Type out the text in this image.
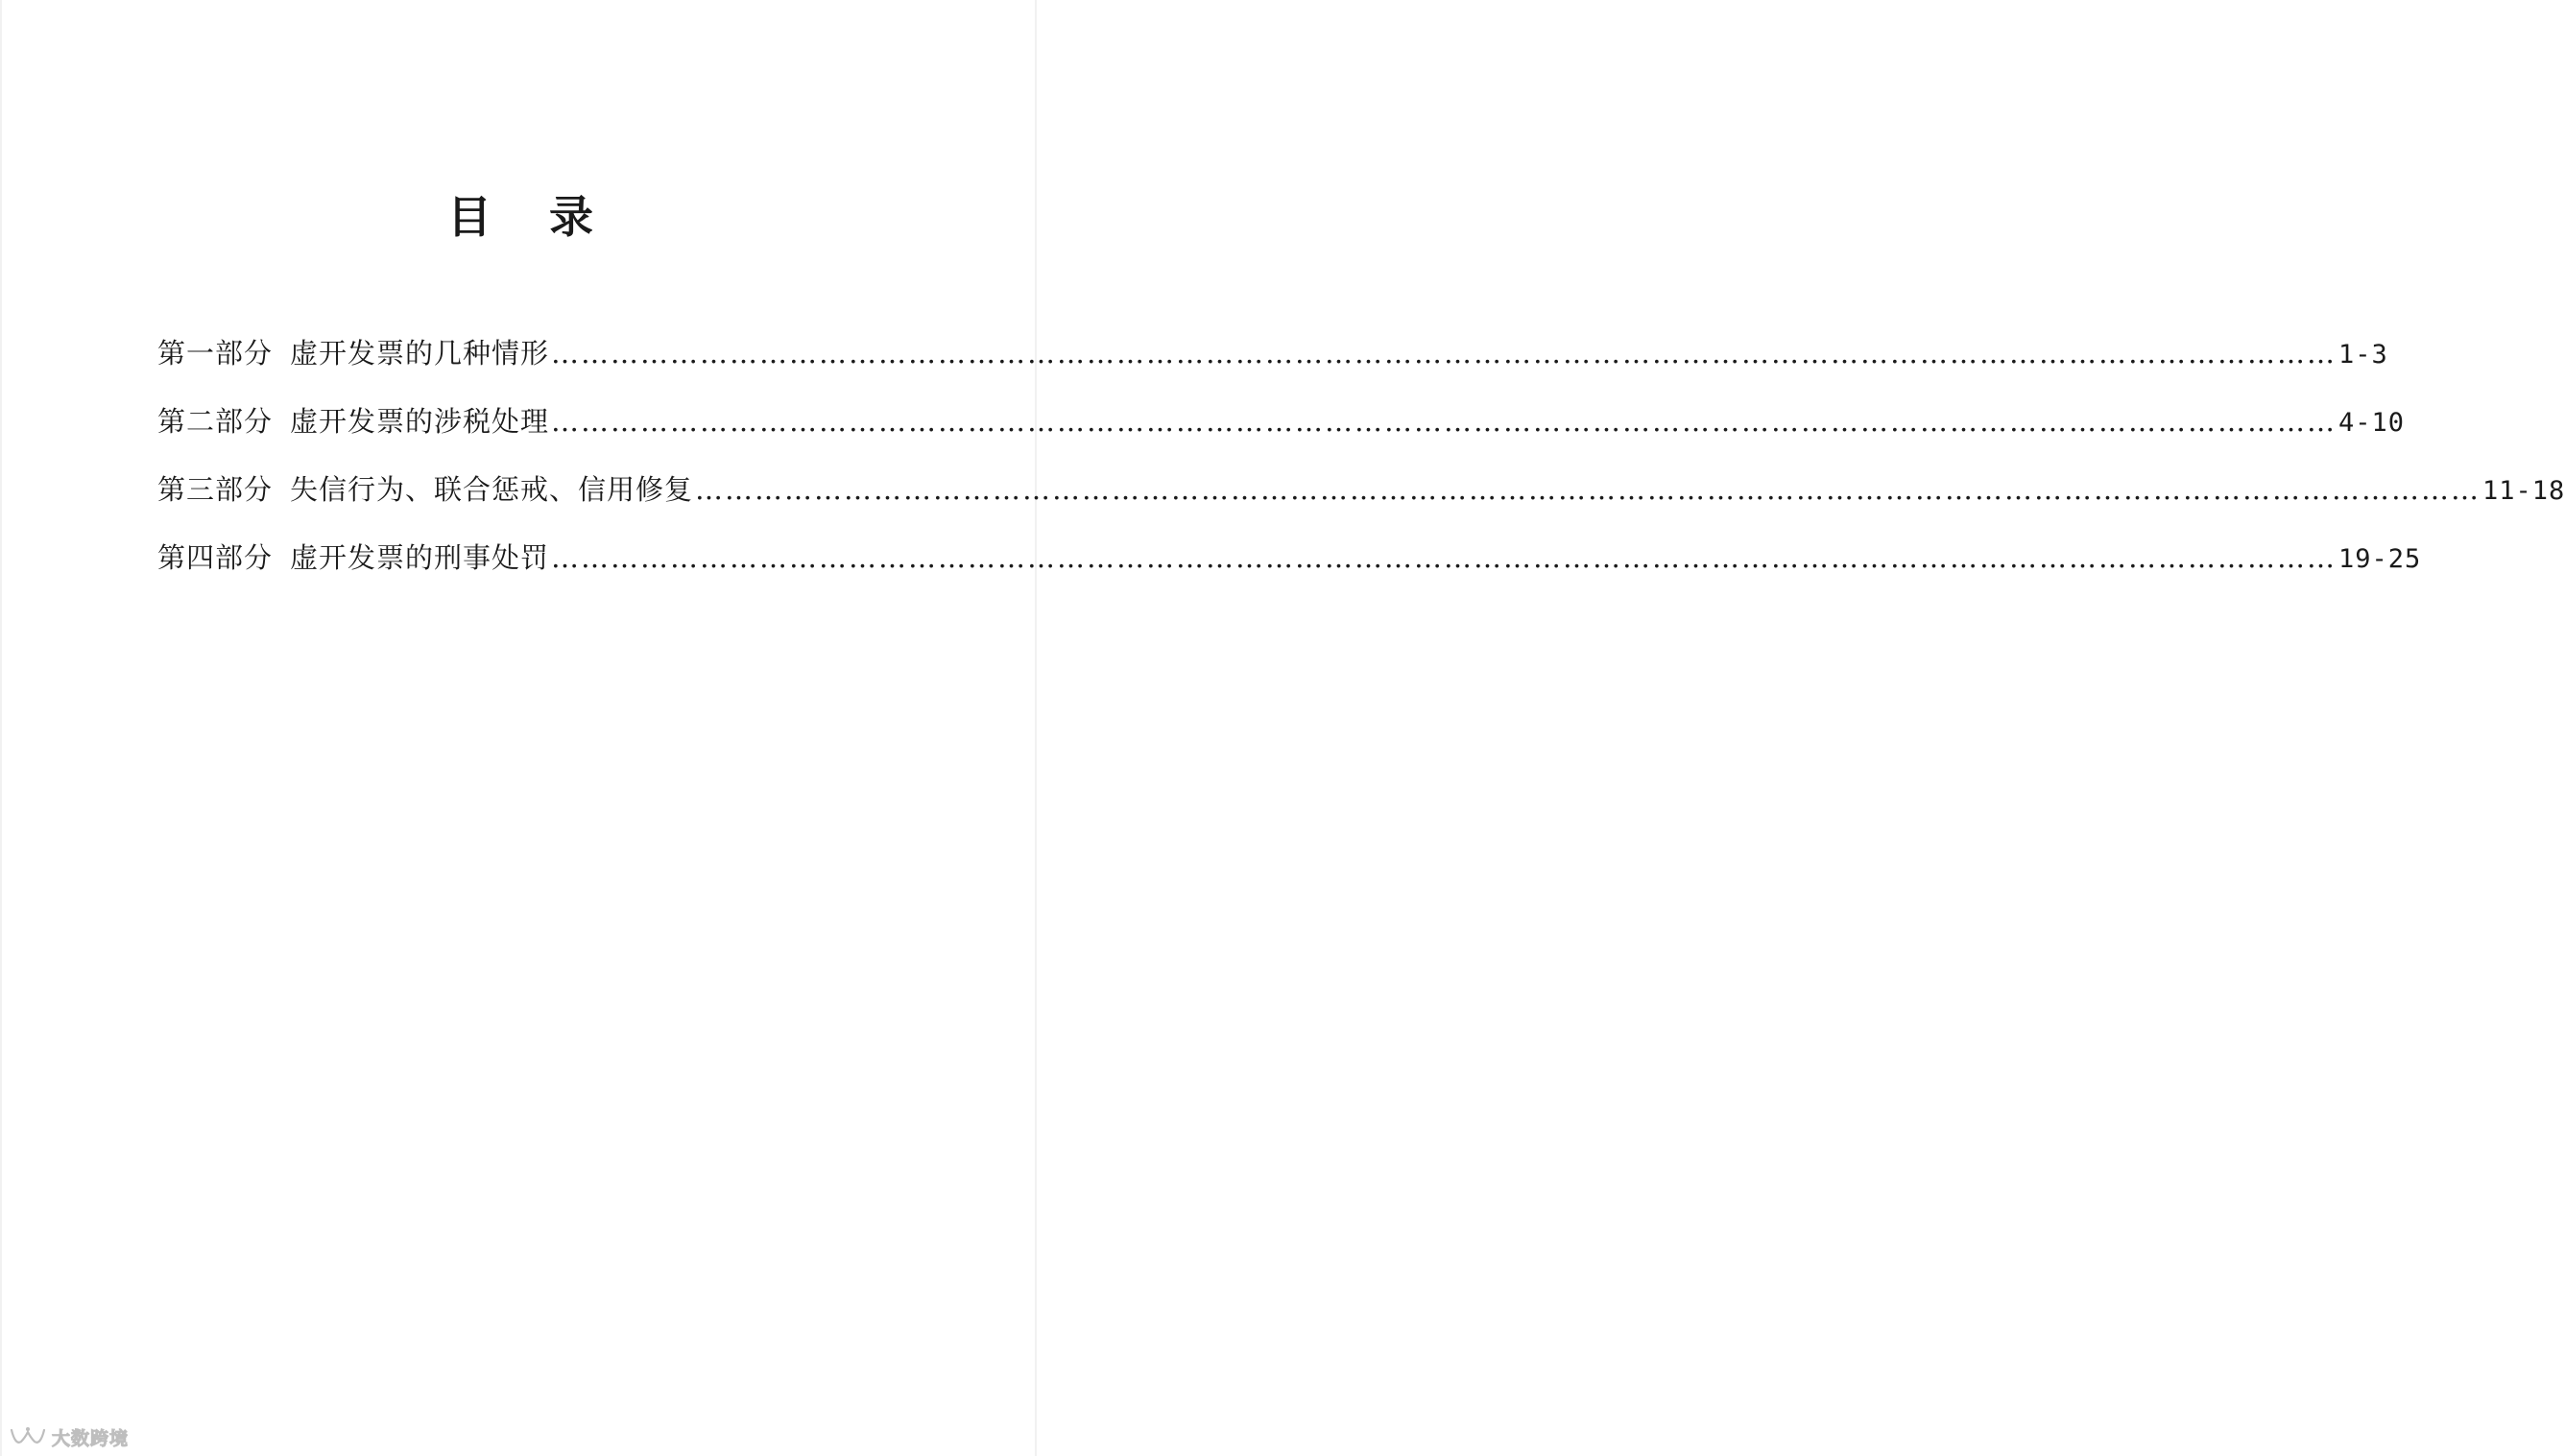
目 录
第一部分 虚开发票的几种情形 ……………………………………………………………………………………………………………………………………………………………… 1-3
第二部分 虚开发票的涉税处理 ……………………………………………………………………………………………………………………………………………………………… 4-10
第三部分 失信行为、联合惩戒、信用修复 ……………………………………………………………………………………………………………………………………………………………… 11-18
第四部分 虚开发票的刑事处罚 ……………………………………………………………………………………………………………………………………………………………… 19-25
大数跨境
